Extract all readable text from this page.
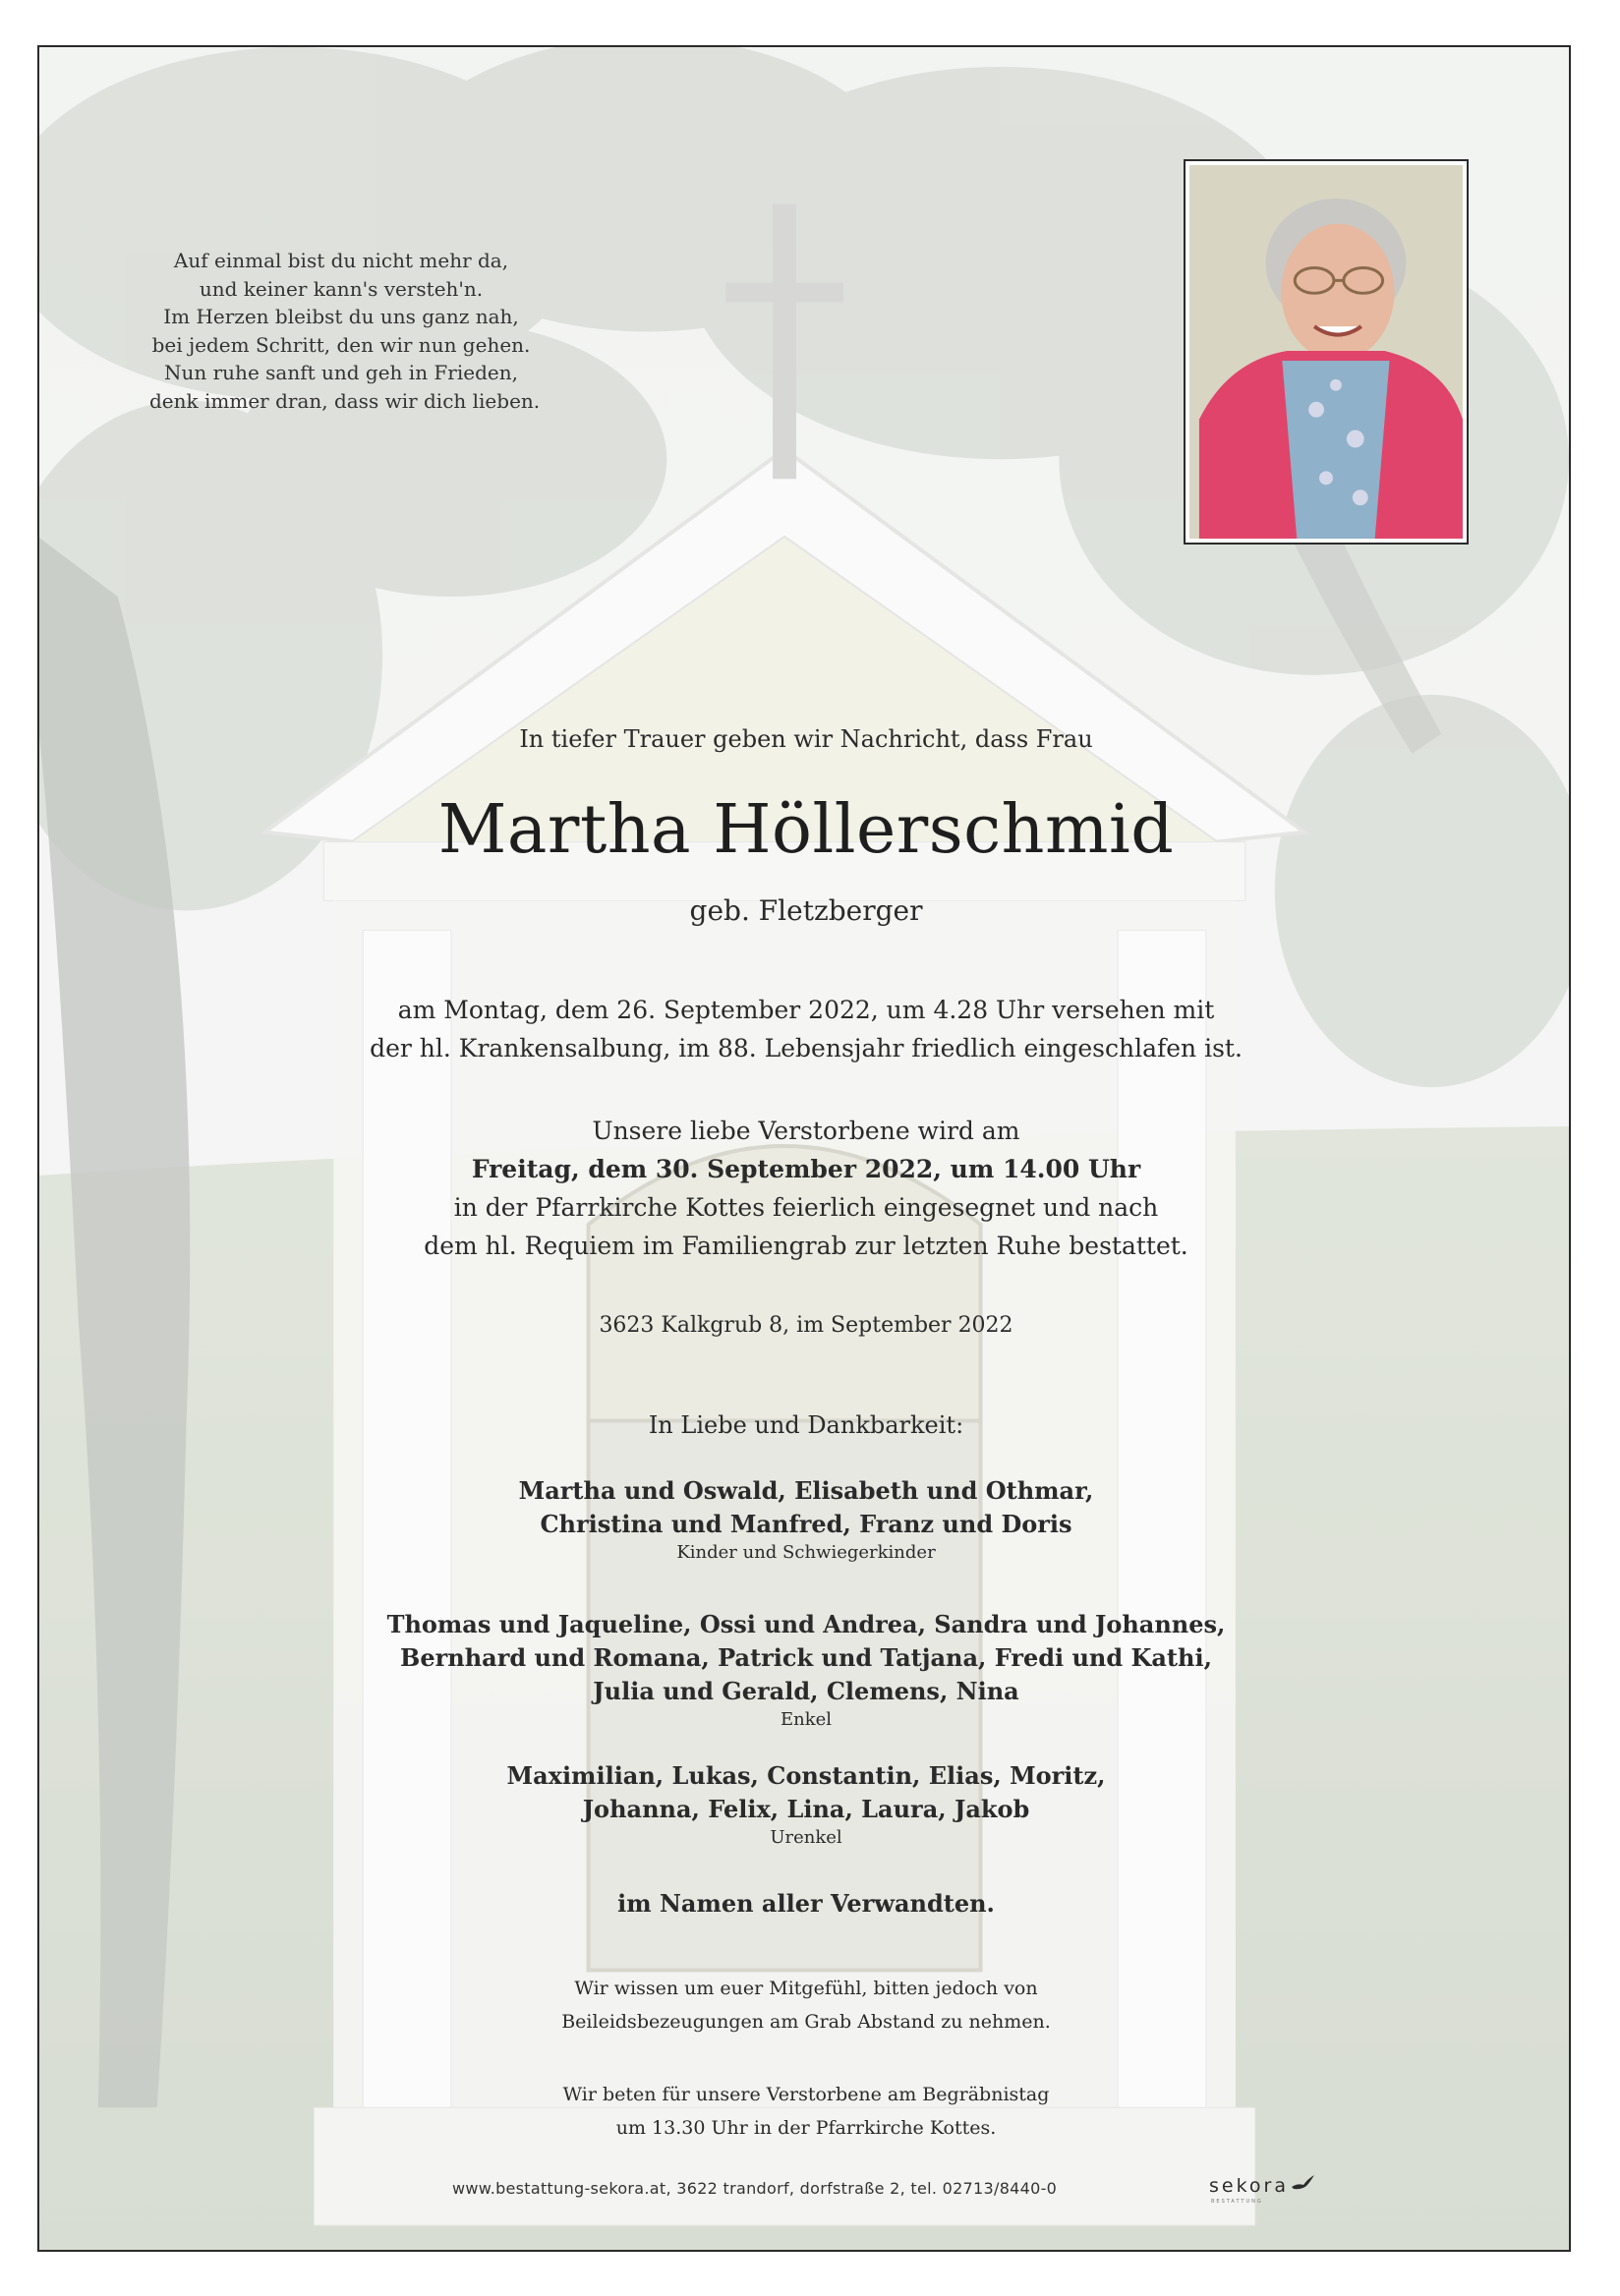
Auf einmal bist du nicht mehr da,
und keiner kann's versteh'n.
Im Herzen bleibst du uns ganz nah,
bei jedem Schritt, den wir nun gehen.
Nun ruhe sanft und geh in Frieden,
denk immer dran, dass wir dich lieben.
In tiefer Trauer geben wir Nachricht, dass Frau
Martha Höllerschmid
geb. Fletzberger
am Montag, dem 26. September 2022, um 4.28 Uhr versehen mit
der hl. Krankensalbung, im 88. Lebensjahr friedlich eingeschlafen ist.
Unsere liebe Verstorbene wird am
Freitag, dem 30. September 2022, um 14.00 Uhr
in der Pfarrkirche Kottes feierlich eingesegnet und nach
dem hl. Requiem im Familiengrab zur letzten Ruhe bestattet.
3623 Kalkgrub 8, im September 2022
In Liebe und Dankbarkeit:
Martha und Oswald, Elisabeth und Othmar,
Christina und Manfred, Franz und Doris
Kinder und Schwiegerkinder
Thomas und Jaqueline, Ossi und Andrea, Sandra und Johannes,
Bernhard und Romana, Patrick und Tatjana, Fredi und Kathi,
Julia und Gerald, Clemens, Nina
Enkel
Maximilian, Lukas, Constantin, Elias, Moritz,
Johanna, Felix, Lina, Laura, Jakob
Urenkel
im Namen aller Verwandten.
Wir wissen um euer Mitgefühl, bitten jedoch von
Beileidsbezeugungen am Grab Abstand zu nehmen.
Wir beten für unsere Verstorbene am Begräbnistag
um 13.30 Uhr in der Pfarrkirche Kottes.
www.bestattung-sekora.at, 3622 trandorf, dorfstraße 2, tel. 02713/8440-0	sekora
BESTATTUNG
